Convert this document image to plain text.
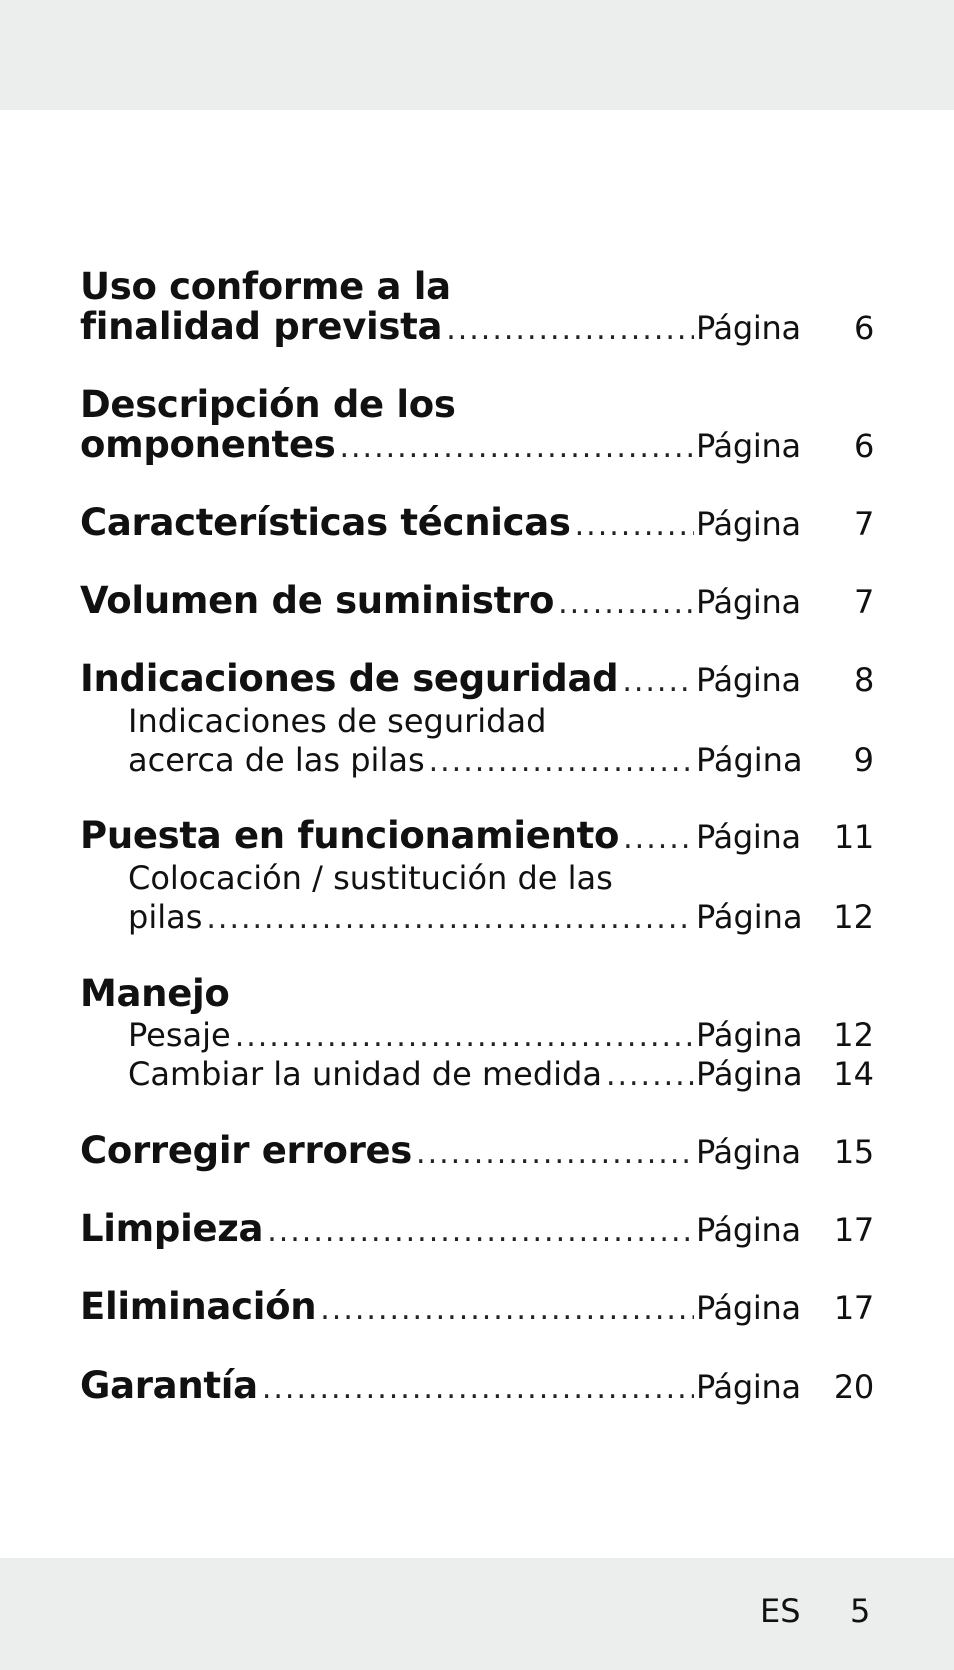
Uso conforme a la
finalidad prevista .....	Página	6
Descripción de los
omponentes .....	Página	6
Características técnicas .....	Página	7
Volumen de suministro .....	Página	7
Indicaciones de seguridad ..... Página	8
Indicaciones de seguridad
acerca de las pilas .....	Página	9
Puesta en funcionamiento ..... Página	11
Colocación / sustitución de las
pilas .....	Página 12
Manejo
Pesaje .....	Página 12
Cambiar la unidad de medida .....	Página 14
Corregir errores .....	Página	15
Limpieza .....	Página	17
Eliminación .....	Página	17
Garantía .....	Página	20
ES 5
